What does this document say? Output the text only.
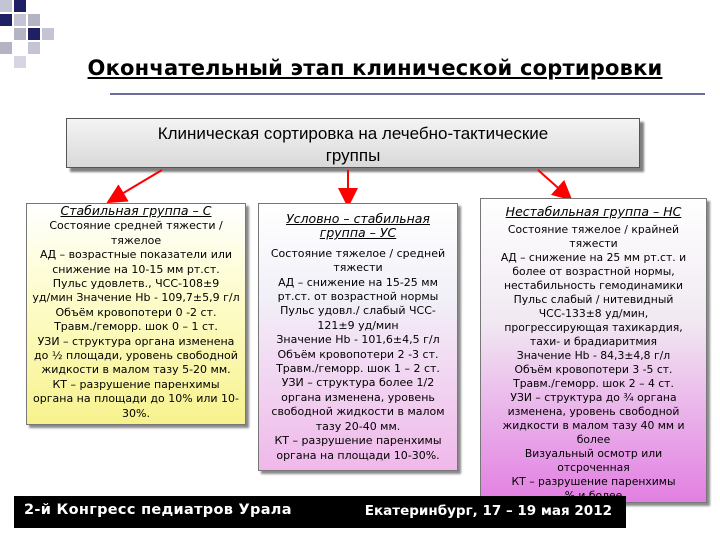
Окончательный этап клинической сортировки
Клиническая сортировка на лечебно-тактические
группы
Стабильная группа – С
Состояние средней тяжести /
тяжелое
АД – возрастные показатели или
снижение на 10-15 мм рт.ст.
Пульс удовлетв., ЧСС-108±9
уд/мин Значение Hb - 109,7±5,9 г/л
Объём кровопотери 0 -2 ст.
Травм./геморр. шок 0 – 1 ст.
УЗИ – структура органа изменена
до ½ площади, уровень свободной
жидкости в малом тазу 5-20 мм.
КТ – разрушение паренхимы
органа на площади до 10% или 10-
30%.
Условно – стабильная
группа – УС
Состояние тяжелое / средней
тяжести
АД – снижение на 15-25 мм
рт.ст. от возрастной нормы
Пульс удовл./ слабый ЧСС-
121±9 уд/мин
Значение Hb - 101,6±4,5 г/л
Объём кровопотери 2 -3 ст.
Травм./геморр. шок 1 – 2 ст.
УЗИ – структура более 1/2
органа изменена, уровень
свободной жидкости в малом
тазу 20-40 мм.
КТ – разрушение паренхимы
органа на площади 10-30%.
Нестабильная группа – НС
Состояние тяжелое / крайней
тяжести
АД – снижение на 25 мм рт.ст. и
более от возрастной нормы,
нестабильность гемодинамики
Пульс слабый / нитевидный
ЧСС-133±8 уд/мин,
прогрессирующая тахикардия,
тахи- и брадиаритмия
Значение Hb - 84,3±4,8 г/л
Объём кровопотери 3 -5 ст.
Травм./геморр. шок 2 – 4 ст.
УЗИ – структура до ¾ органа
изменена, уровень свободной
жидкости в малом тазу 40 мм и
более
Визуальный осмотр или
отсроченная
КТ – разрушение паренхимы

2-й Конгресс педиатров Урала	Екатеринбург, 17 – 19 мая 2012
